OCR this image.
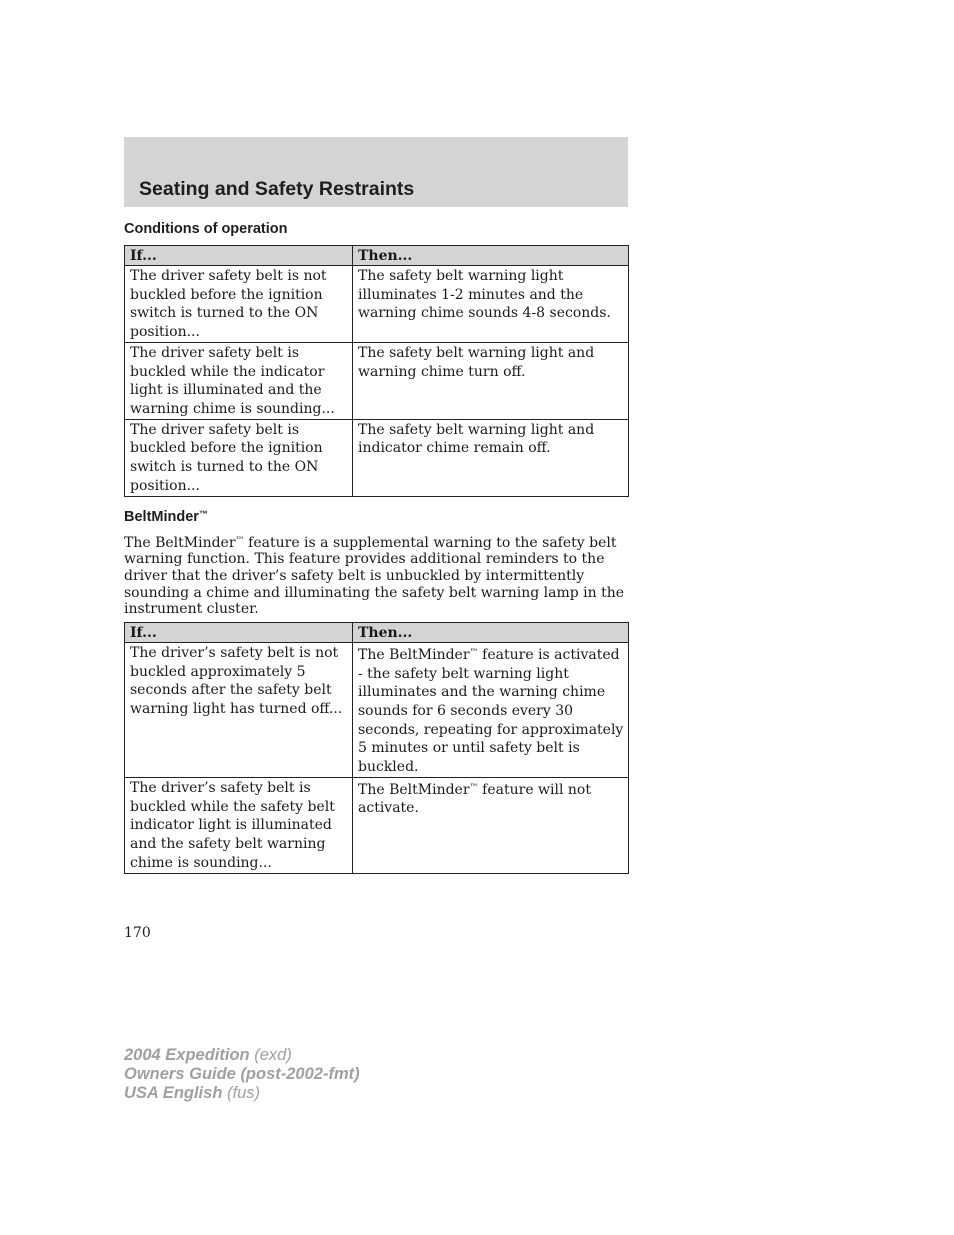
Seating and Safety Restraints
Conditions of operation
If...	Then...
The driver safety belt is not buckled before the ignition switch is turned to the ON position...	The safety belt warning light illuminates 1-2 minutes and the warning chime sounds 4-8 seconds.
The driver safety belt is buckled while the indicator light is illuminated and the warning chime is sounding...	The safety belt warning light and warning chime turn off.
The driver safety belt is buckled before the ignition switch is turned to the ON position...	The safety belt warning light and indicator chime remain off.
BeltMinder™

The BeltMinder™ feature is a supplemental warning to the safety belt warning function. This feature provides additional reminders to the driver that the driver’s safety belt is unbuckled by intermittently sounding a chime and illuminating the safety belt warning lamp in the instrument cluster.

If...	Then...
The driver’s safety belt is not buckled approximately 5 seconds after the safety belt warning light has turned off...	The BeltMinder™ feature is activated - the safety belt warning light illuminates and the warning chime sounds for 6 seconds every 30 seconds, repeating for approximately 5 minutes or until safety belt is buckled.
The driver’s safety belt is buckled while the safety belt indicator light is illuminated and the safety belt warning chime is sounding...	The BeltMinder™ feature will not activate.

170

2004 Expedition (exd)
Owners Guide (post-2002-fmt)
USA English (fus)
